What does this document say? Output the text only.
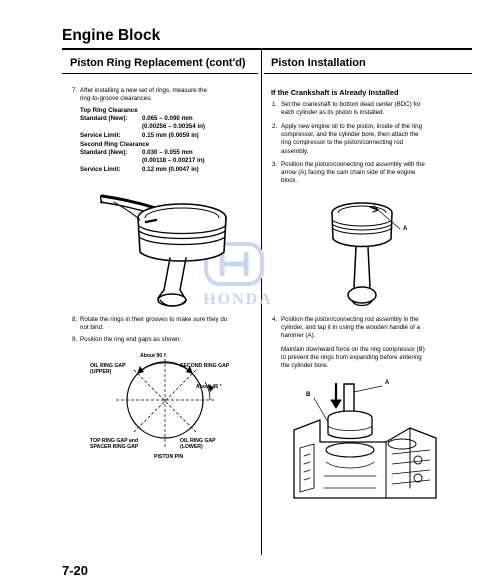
Engine Block
Piston Ring Replacement (cont'd) Piston Installation
7. After installing a new set of rings, measure the
ring-to-groove clearances:
Top Ring Clearance
Standard (New): 0.065 – 0.090 mm
(0.00256 – 0.00354 in)
Service Limit:	0.15 mm (0.0059 in)
Second Ring Clearance
Standard (New): 0.030 – 0.055 mm
(0.00118 – 0.00217 in)
Service Limit:	0.12 mm (0.0047 in)
HONDA
8. Rotate the rings in their grooves to make sure they do
not bind.
9. Position the ring end gaps as shown:
About 90 °
OIL RING GAP
(UPPER)
SECOND RING GAP
About 45 °
TOP RING GAP and
SPACER RING GAP
OIL RING GAP
(LOWER)
PISTON PIN
If the Crankshaft is Already Installed
1. Set the crankshaft to bottom dead center (BDC) for
each cylinder as its piston is installed.
2. Apply new engine oil to the piston, inside of the ring
compressor, and the cylinder bore, then attach the
ring compressor to the piston/connecting rod
assembly.
3. Position the piston/connecting rod assembly with the
arrow (A) facing the cam chain side of the engine
block.
A
4. Position the piston/connecting rod assembly in the
cylinder, and tap it in using the wooden handle of a
hammer (A).
Maintain downward force on the ring compressor (B)
to prevent the rings from expanding before entering
the cylinder bore.
A
B
7-20
